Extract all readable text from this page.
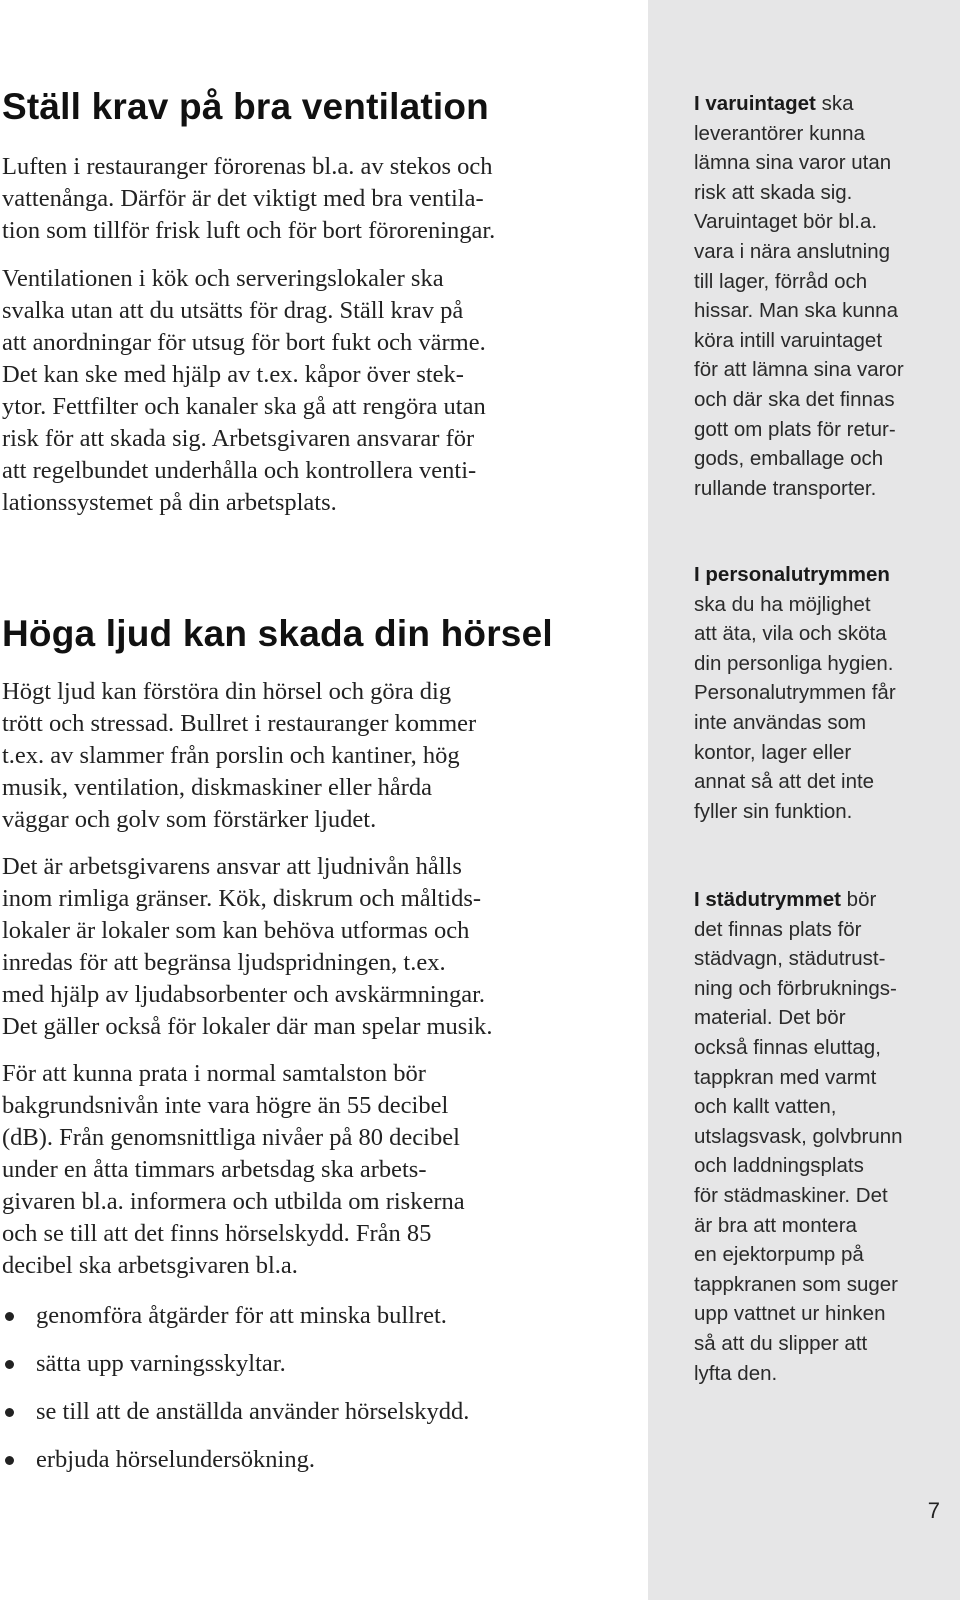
Ställ krav på bra ventilation
Luften i restauranger förorenas bl.a. av stekos och
vattenånga. Därför är det viktigt med bra ventila-
tion som tillför frisk luft och för bort föroreningar.
Ventilationen i kök och serveringslokaler ska
svalka utan att du utsätts för drag. Ställ krav på
att anordningar för utsug för bort fukt och värme.
Det kan ske med hjälp av t.ex. kåpor över stek-
ytor. Fettfilter och kanaler ska gå att rengöra utan
risk för att skada sig. Arbetsgivaren ansvarar för
att regelbundet underhålla och kontrollera venti-
lationssystemet på din arbetsplats.
Höga ljud kan skada din hörsel
Högt ljud kan förstöra din hörsel och göra dig
trött och stressad. Bullret i restauranger kommer
t.ex. av slammer från porslin och kantiner, hög
musik, ventilation, diskmaskiner eller hårda
väggar och golv som förstärker ljudet.
Det är arbetsgivarens ansvar att ljudnivån hålls
inom rimliga gränser. Kök, diskrum och måltids-
lokaler är lokaler som kan behöva utformas och
inredas för att begränsa ljudspridningen, t.ex.
med hjälp av ljudabsorbenter och avskärmningar.
Det gäller också för lokaler där man spelar musik.
För att kunna prata i normal samtalston bör
bakgrundsnivån inte vara högre än 55 decibel
(dB). Från genomsnittliga nivåer på 80 decibel
under en åtta timmars arbetsdag ska arbets-
givaren bl.a. informera och utbilda om riskerna
och se till att det finns hörselskydd. Från 85
decibel ska arbetsgivaren bl.a.
genomföra åtgärder för att minska bullret.
sätta upp varningsskyltar.
se till att de anställda använder hörselskydd.
erbjuda hörselundersökning.
I varuintaget ska
leverantörer kunna
lämna sina varor utan
risk att skada sig.
Varuintaget bör bl.a.
vara i nära anslutning
till lager, förråd och
hissar. Man ska kunna
köra intill varuintaget
för att lämna sina varor
och där ska det finnas
gott om plats för retur-
gods, emballage och
rullande transporter.
I personalutrymmen
ska du ha möjlighet
att äta, vila och sköta
din personliga hygien.
Personalutrymmen får
inte användas som
kontor, lager eller
annat så att det inte
fyller sin funktion.
I städutrymmet bör
det finnas plats för
städvagn, städutrust-
ning och förbruknings-
material. Det bör
också finnas eluttag,
tappkran med varmt
och kallt vatten,
utslagsvask, golvbrunn
och laddningsplats
för städmaskiner. Det
är bra att montera
en ejektorpump på
tappkranen som suger
upp vattnet ur hinken
så att du slipper att
lyfta den.
7
